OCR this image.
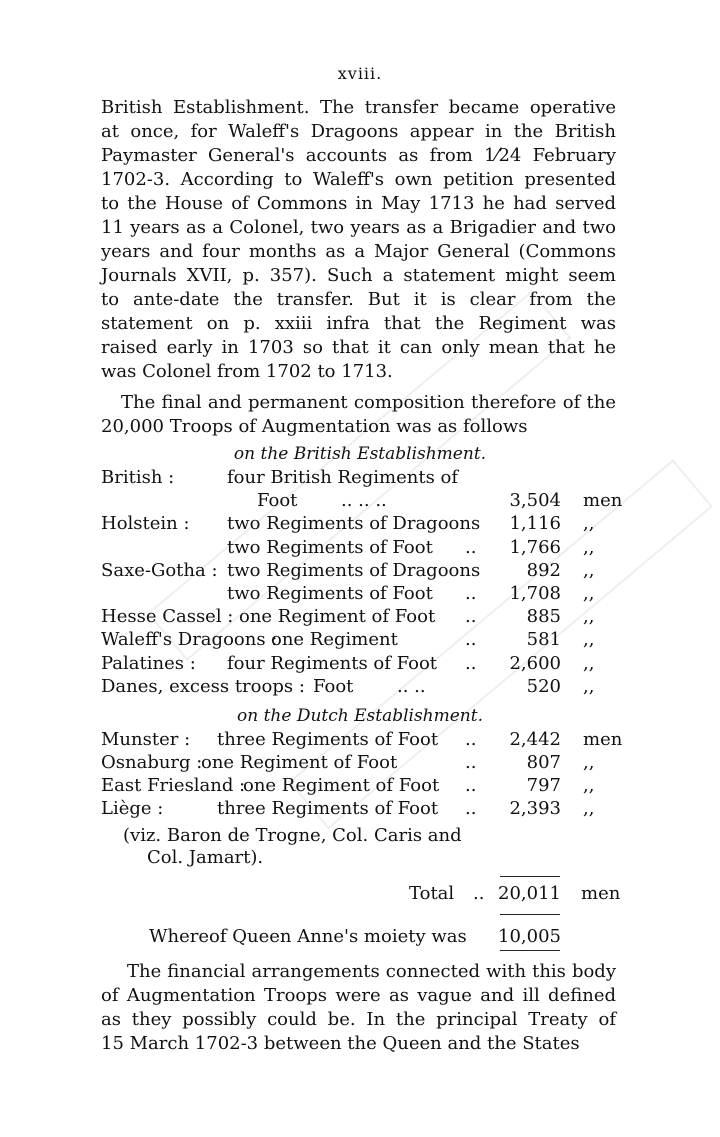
xviii.
British Establishment. The transfer became operative
at once, for Waleff's Dragoons appear in the British
Paymaster General's accounts as from 1⁄24 February
1702-3. According to Waleff's own petition presented
to the House of Commons in May 1713 he had served
11 years as a Colonel, two years as a Brigadier and two
years and four months as a Major General (Commons
Journals XVII, p. 357). Such a statement might seem
to ante-date the transfer. But it is clear from the
statement on p. xxiii infra that the Regiment was
raised early in 1703 so that it can only mean that he
was Colonel from 1702 to 1713.
The final and permanent composition therefore of the
20,000 Troops of Augmentation was as follows
on the British Establishment.
British :	four British Regiments of
Foot .. .. ..	3,504 men
Holstein : two Regiments of Dragoons	1,116 ,,
two Regiments of Foot ..	1,766 ,,
Saxe-Gotha : two Regiments of Dragoons	892 ,,
two Regiments of Foot ..	1,708 ,,
Hesse Cassel : one Regiment of Foot ..	885 ,,
Waleff's Dragoons :
one Regiment	..	581 ,,
Palatines : four Regiments of Foot ..	2,600 ,,
Danes, excess troops : Foot .. ..	520 ,,
on the Dutch Establishment.
Munster : three Regiments of Foot ..	2,442 men
Osnaburg :
one Regiment of Foot	..	807 ,,
East Friesland :
one Regiment of Foot ..	797 ,,
Liège :	three Regiments of Foot ..	2,393 ,,
(viz. Baron de Trogne, Col. Caris and
Col. Jamart).
Total .. 20,011 men
Whereof Queen Anne's moiety was	10,005
The financial arrangements connected with this body
of Augmentation Troops were as vague and ill defined
as they possibly could be. In the principal Treaty of
15 March 1702-3 between the Queen and the States
